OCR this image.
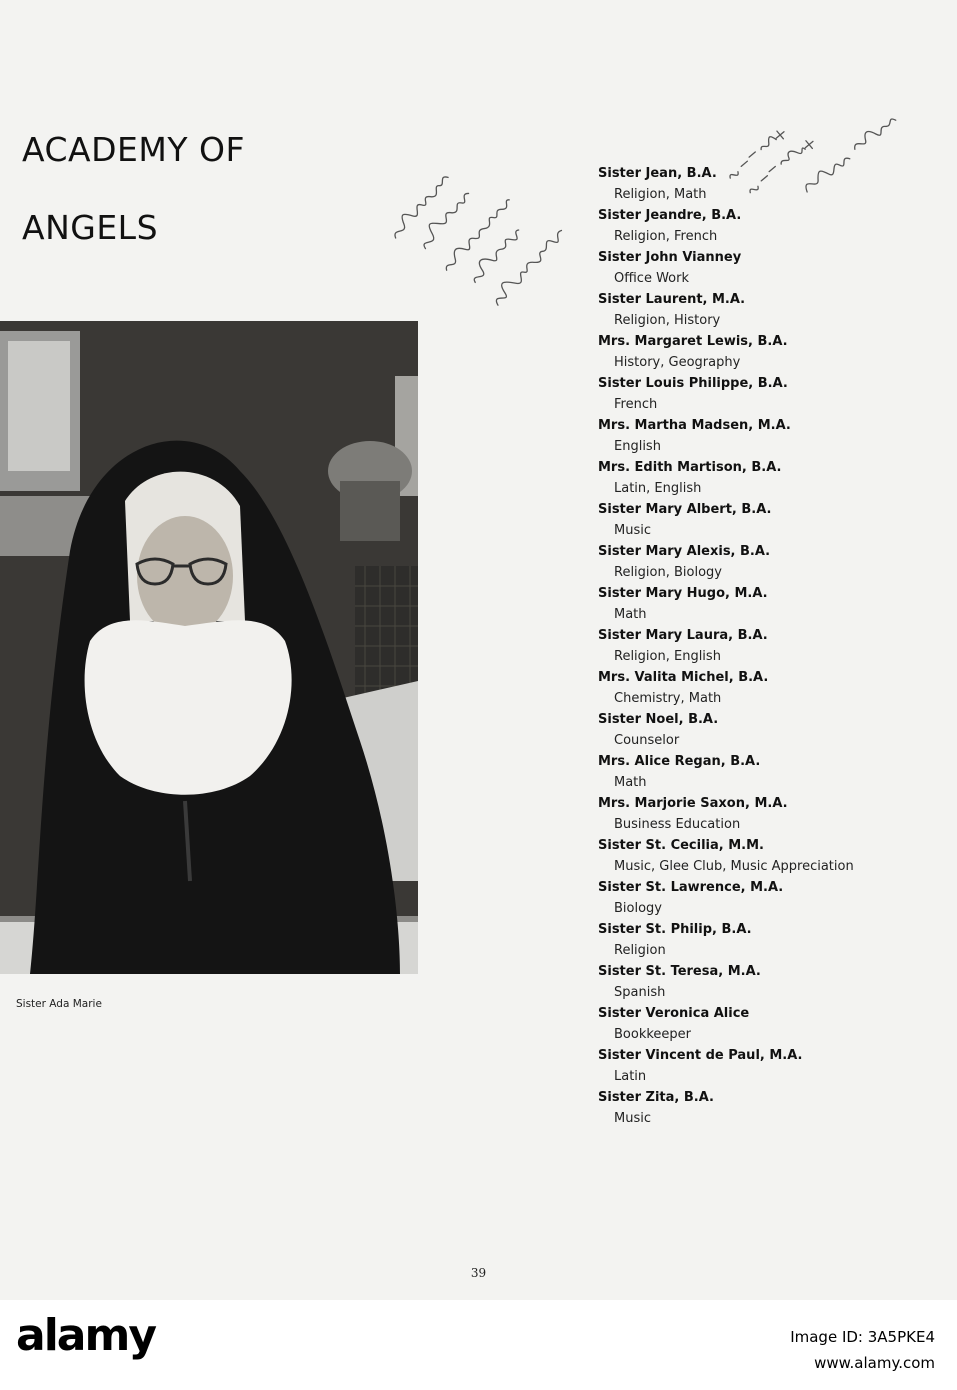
ACADEMY OF
ANGELS
Sister Ada Marie
Sister Jean, B.A.
Religion, Math
Sister Jeandre, B.A.
Religion, French
Sister John Vianney
Office Work
Sister Laurent, M.A.
Religion, History
Mrs. Margaret Lewis, B.A.
History, Geography
Sister Louis Philippe, B.A.
French
Mrs. Martha Madsen, M.A.
English
Mrs. Edith Martison, B.A.
Latin, English
Sister Mary Albert, B.A.
Music
Sister Mary Alexis, B.A.
Religion, Biology
Sister Mary Hugo, M.A.
Math
Sister Mary Laura, B.A.
Religion, English
Mrs. Valita Michel, B.A.
Chemistry, Math
Sister Noel, B.A.
Counselor
Mrs. Alice Regan, B.A.
Math
Mrs. Marjorie Saxon, M.A.
Business Education
Sister St. Cecilia, M.M.
Music, Glee Club, Music Appreciation
Sister St. Lawrence, M.A.
Biology
Sister St. Philip, B.A.
Religion
Sister St. Teresa, M.A.
Spanish
Sister Veronica Alice
Bookkeeper
Sister Vincent de Paul, M.A.
Latin
Sister Zita, B.A.
Music
39
alamy	Image ID: 3A5PKE4
www.alamy.com
